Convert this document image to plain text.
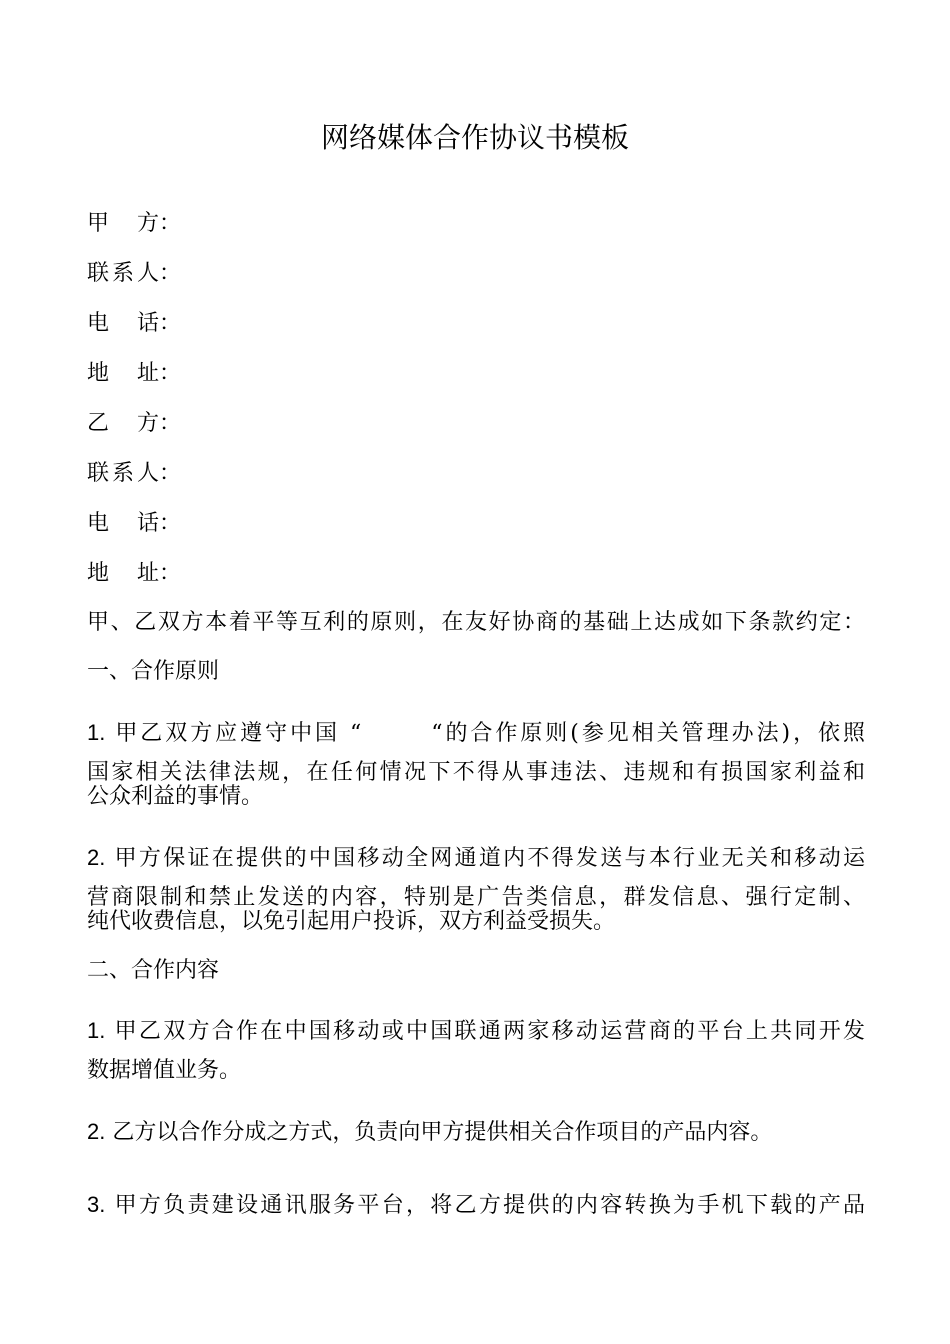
网络媒体合作协议书模板
甲方：
联系人：
电话：
地址：
乙方：
联系人：
电话：
地址：
甲、乙双方本着平等互利的原则，在友好协商的基础上达成如下条款约定：
一、合作原则
1. 甲乙双方应遵守中国 “	“的合作原则(参见相关管理办法)，依照
国家相关法律法规，在任何情况下不得从事违法、违规和有损国家利益和
公众利益的事情。
2. 甲方保证在提供的中国移动全网通道内不得发送与本行业无关和移动运
营商限制和禁止发送的内容，特别是广告类信息，群发信息、强行定制、
纯代收费信息，以免引起用户投诉，双方利益受损失。
二、合作内容
1. 甲乙双方合作在中国移动或中国联通两家移动运营商的平台上共同开发
数据增值业务。
2. 乙方以合作分成之方式，负责向甲方提供相关合作项目的产品内容。
3. 甲方负责建设通讯服务平台，将乙方提供的内容转换为手机下载的产品
